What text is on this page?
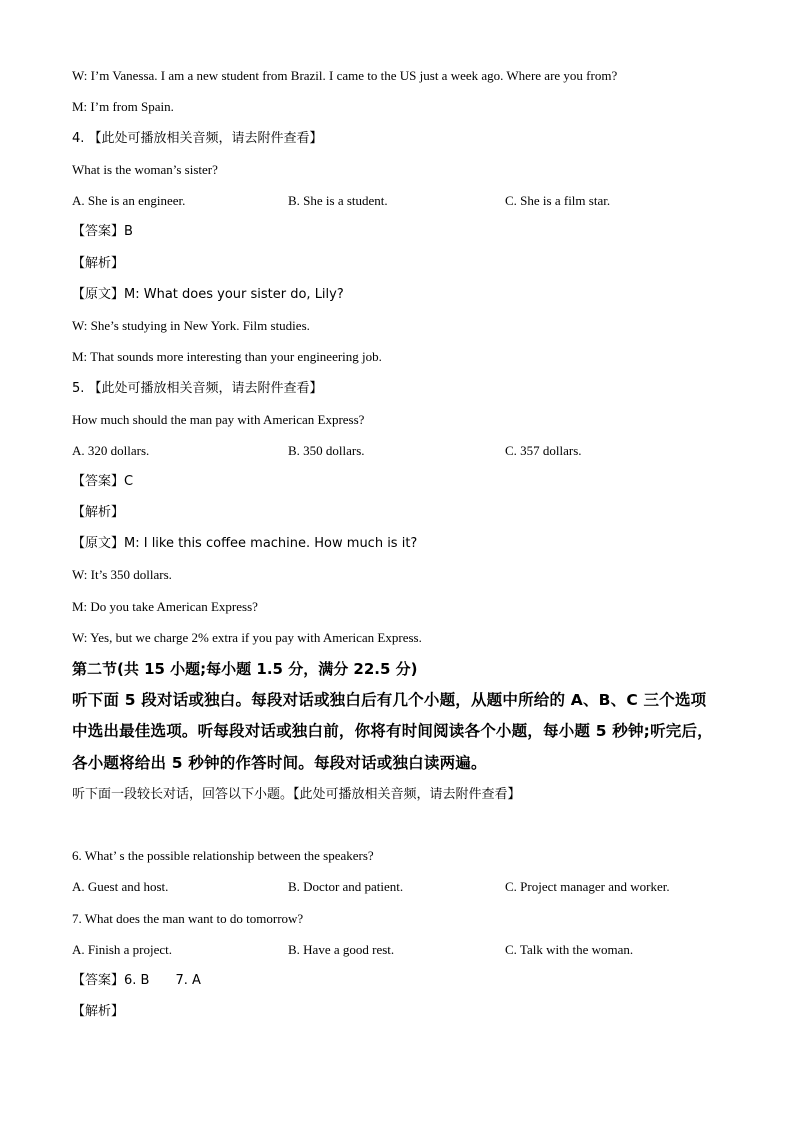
W: I’m Vanessa. I am a new student from Brazil. I came to the US just a week ago. Where are you from?
M: I’m from Spain.
4. 【此处可播放相关音频，请去附件查看】
What is the woman’s sister?
A. She is an engineer.	B. She is a student.	C. She is a film star.
【答案】B
【解析】
【原文】M: What does your sister do, Lily?
W: She’s studying in New York. Film studies.
M: That sounds more interesting than your engineering job.
5. 【此处可播放相关音频，请去附件查看】
How much should the man pay with American Express?
A. 320 dollars.	B. 350 dollars.	C. 357 dollars.
【答案】C
【解析】
【原文】M: I like this coffee machine. How much is it?
W: It’s 350 dollars.
M: Do you take American Express?
W: Yes, but we charge 2% extra if you pay with American Express.
第二节(共 15 小题;每小题 1.5 分，满分 22.5 分)
听下面 5 段对话或独白。每段对话或独白后有几个小题，从题中所给的 A、B、C 三个选项
中选出最佳选项。听每段对话或独白前，你将有时间阅读各个小题，每小题 5 秒钟;听完后，
各小题将给出 5 秒钟的作答时间。每段对话或独白读两遍。
听下面一段较长对话，回答以下小题。【此处可播放相关音频，请去附件查看】
6. What’ s the possible relationship between the speakers?
A. Guest and host.	B. Doctor and patient.	C. Project manager and worker.
7. What does the man want to do tomorrow?
A. Finish a project.	B. Have a good rest.	C. Talk with the woman.
【答案】6. B 7. A
【解析】
